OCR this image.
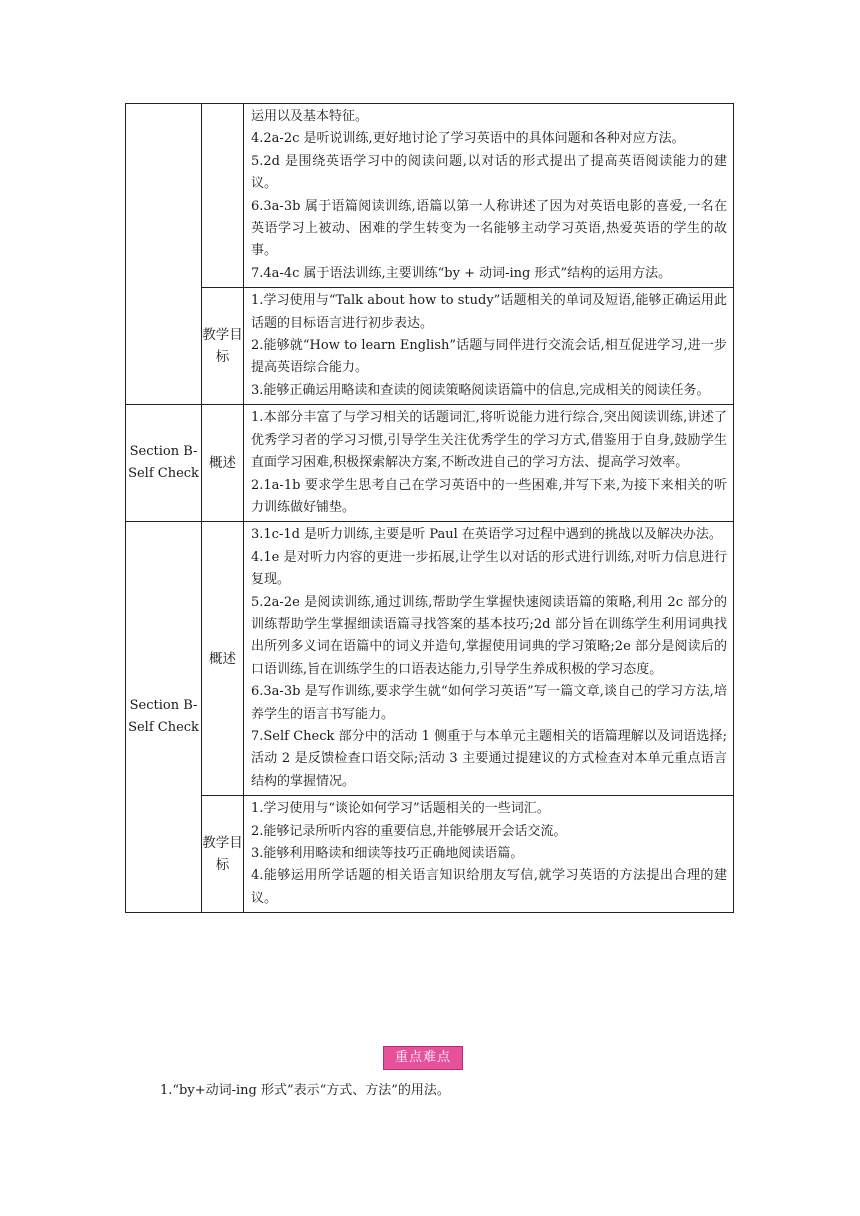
		运用以及基本特征。

4.2a-2c 是听说训练,更好地讨论了学习英语中的具体问题和各种对应方法。

5.2d 是围绕英语学习中的阅读问题,以对话的形式提出了提高英语阅读能力的建议。

6.3a-3b 属于语篇阅读训练,语篇以第一人称讲述了因为对英语电影的喜爱,一名在英语学习上被动、困难的学生转变为一名能够主动学习英语,热爱英语的学生的故事。

7.4a-4c 属于语法训练,主要训练“by + 动词-ing 形式”结构的运用方法。

	教学目标	1.学习使用与“Talk about how to study”话题相关的单词及短语,能够正确运用此话题的目标语言进行初步表达。

2.能够就“How to learn English”话题与同伴进行交流会话,相互促进学习,进一步提高英语综合能力。

3.能够正确运用略读和查读的阅读策略阅读语篇中的信息,完成相关的阅读任务。

Section B-Self Check	概述	1.本部分丰富了与学习相关的话题词汇,将听说能力进行综合,突出阅读训练,讲述了优秀学习者的学习习惯,引导学生关注优秀学生的学习方式,借鉴用于自身,鼓励学生直面学习困难,积极探索解决方案,不断改进自己的学习方法、提高学习效率。

2.1a-1b 要求学生思考自己在学习英语中的一些困难,并写下来,为接下来相关的听力训练做好铺垫。

Section B-Self Check	概述	3.1c-1d 是听力训练,主要是听 Paul 在英语学习过程中遇到的挑战以及解决办法。

4.1e 是对听力内容的更进一步拓展,让学生以对话的形式进行训练,对听力信息进行复现。

5.2a-2e 是阅读训练,通过训练,帮助学生掌握快速阅读语篇的策略,利用 2c 部分的训练帮助学生掌握细读语篇寻找答案的基本技巧;2d 部分旨在训练学生利用词典找出所列多义词在语篇中的词义并造句,掌握使用词典的学习策略;2e 部分是阅读后的口语训练,旨在训练学生的口语表达能力,引导学生养成积极的学习态度。

6.3a-3b 是写作训练,要求学生就“如何学习英语”写一篇文章,谈自己的学习方法,培养学生的语言书写能力。

7.Self Check 部分中的活动 1 侧重于与本单元主题相关的语篇理解以及词语选择;活动 2 是反馈检查口语交际;活动 3 主要通过提建议的方式检查对本单元重点语言结构的掌握情况。

	教学目标	1.学习使用与“谈论如何学习”话题相关的一些词汇。

2.能够记录所听内容的重要信息,并能够展开会话交流。

3.能够利用略读和细读等技巧正确地阅读语篇。

4.能够运用所学话题的相关语言知识给朋友写信,就学习英语的方法提出合理的建议。

重点难点
1.“by+动词-ing 形式”表示“方式、方法”的用法。
